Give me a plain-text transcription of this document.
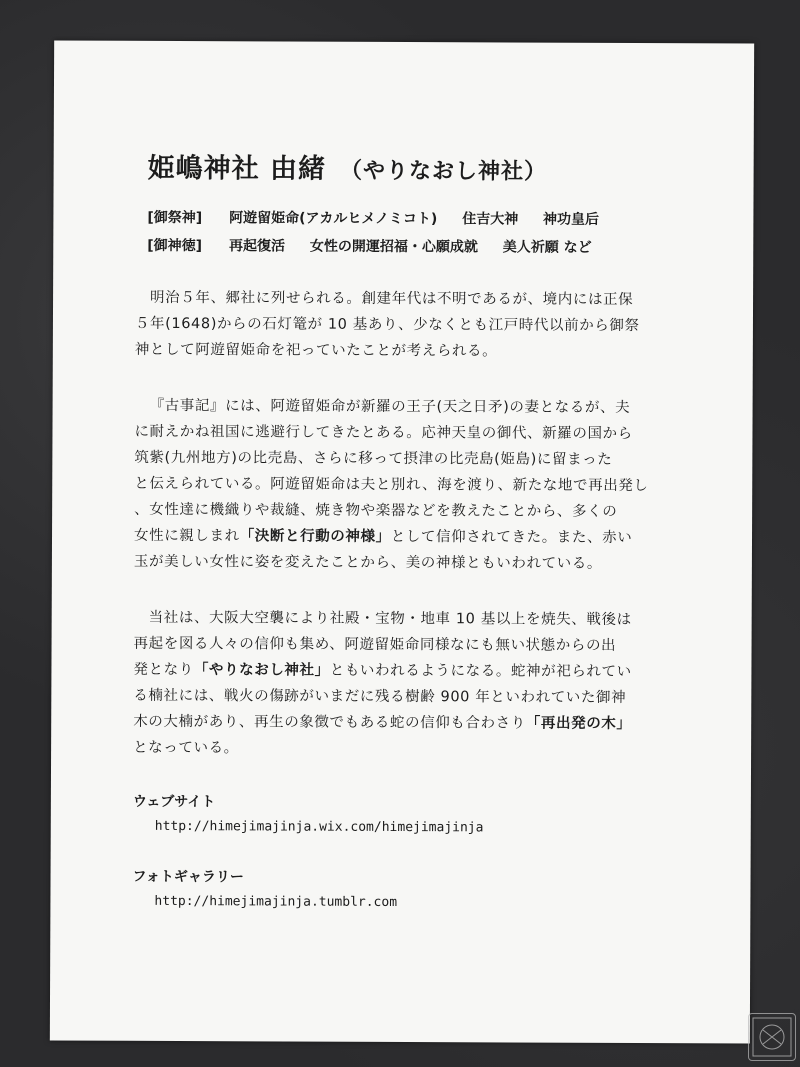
姫嶋神社 由緒 （やりなおし神社）
[御祭神] 阿遊留姫命(アカルヒメノミコト) 住吉大神 神功皇后
[御神徳] 再起復活 女性の開運招福・心願成就 美人祈願 など
明治５年、郷社に列せられる。創建年代は不明であるが、境内には正保
５年(1648)からの石灯篭が 10 基あり、少なくとも江戸時代以前から御祭
神として阿遊留姫命を祀っていたことが考えられる。
『古事記』には、阿遊留姫命が新羅の王子(天之日矛)の妻となるが、夫
に耐えかね祖国に逃避行してきたとある。応神天皇の御代、新羅の国から
筑紫(九州地方)の比売島、さらに移って摂津の比売島(姫島)に留まった
と伝えられている。阿遊留姫命は夫と別れ、海を渡り、新たな地で再出発し
、女性達に機織りや裁縫、焼き物や楽器などを教えたことから、多くの
女性に親しまれ「決断と行動の神様」として信仰されてきた。また、赤い
玉が美しい女性に姿を変えたことから、美の神様ともいわれている。
当社は、大阪大空襲により社殿・宝物・地車 10 基以上を焼失、戦後は
再起を図る人々の信仰も集め、阿遊留姫命同様なにも無い状態からの出
発となり「やりなおし神社」ともいわれるようになる。蛇神が祀られてい
る楠社には、戦火の傷跡がいまだに残る樹齢 900 年といわれていた御神
木の大楠があり、再生の象徴でもある蛇の信仰も合わさり「再出発の木」
となっている。
ウェブサイト
http://himejimajinja.wix.com/himejimajinja
フォトギャラリー
http://himejimajinja.tumblr.com
